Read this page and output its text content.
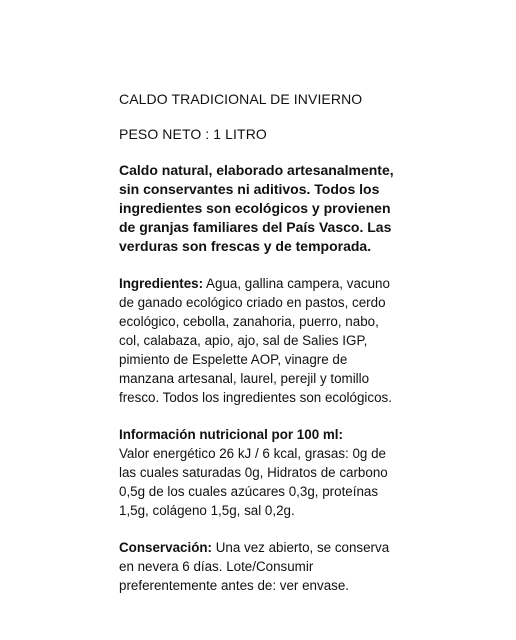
CALDO TRADICIONAL DE INVIERNO

PESO NETO : 1 LITRO

Caldo natural, elaborado artesanalmente, sin conservantes ni aditivos. Todos los ingredientes son ecológicos y provienen de granjas familiares del País Vasco. Las verduras son frescas y de temporada.

Ingredientes: Agua, gallina campera, vacuno de ganado ecológico criado en pastos, cerdo ecológico, cebolla, zanahoria, puerro, nabo, col, calabaza, apio, ajo, sal de Salies IGP, pimiento de Espelette AOP, vinagre de manzana artesanal, laurel, perejil y tomillo fresco. Todos los ingredientes son ecológicos.

Información nutricional por 100 ml:
Valor energético 26 kJ / 6 kcal, grasas: 0g de las cuales saturadas 0g, Hidratos de carbono 0,5g de los cuales azúcares 0,3g, proteínas 1,5g, colágeno 1,5g, sal 0,2g.

Conservación: Una vez abierto, se conserva en nevera 6 días. Lote/Consumir preferentemente antes de: ver envase.
